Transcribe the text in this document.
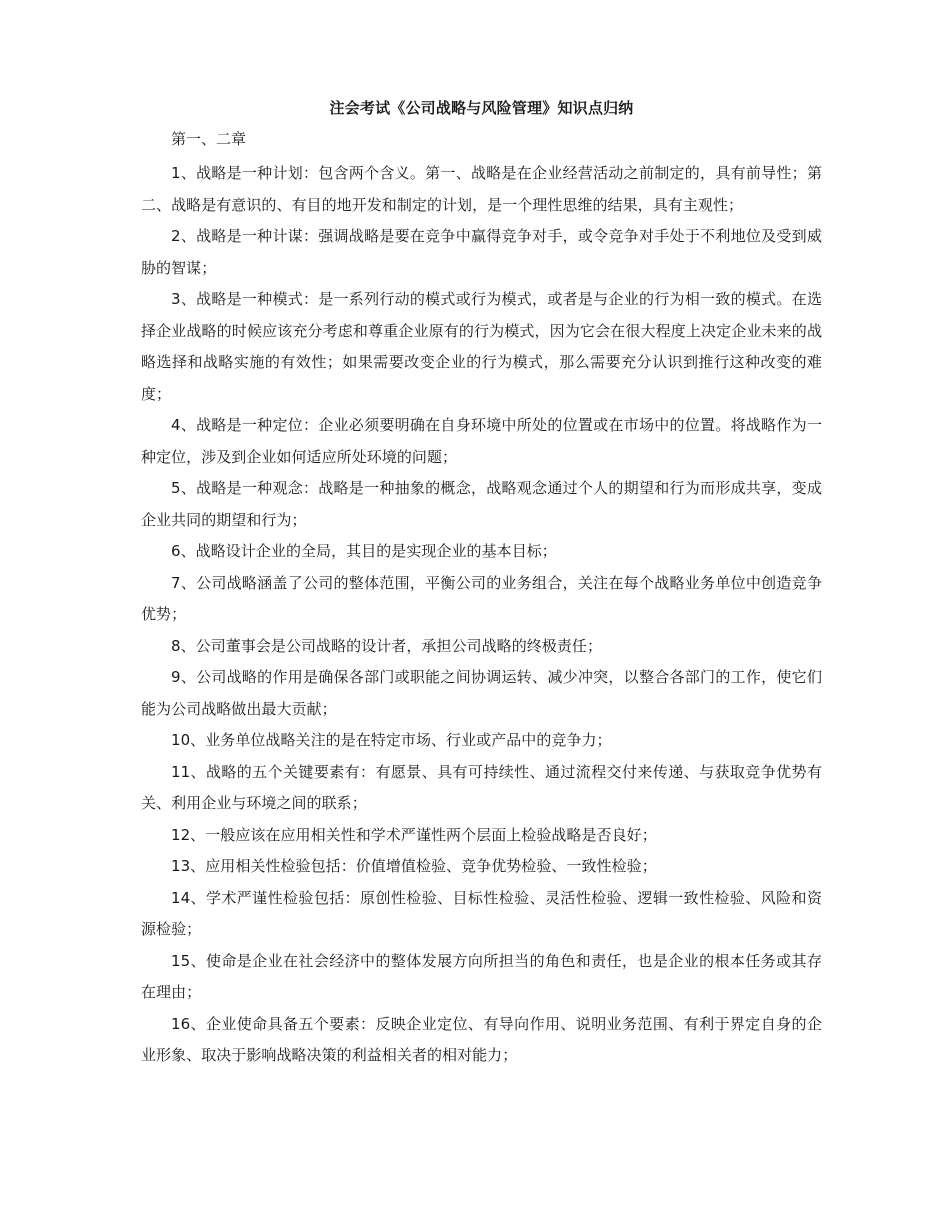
注会考试《公司战略与风险管理》知识点归纳
第一、二章

1、战略是一种计划：包含两个含义。第一、战略是在企业经营活动之前制定的，具有前导性；第二、战略是有意识的、有目的地开发和制定的计划，是一个理性思维的结果，具有主观性；

2、战略是一种计谋：强调战略是要在竞争中赢得竞争对手，或令竞争对手处于不利地位及受到威胁的智谋；

3、战略是一种模式：是一系列行动的模式或行为模式，或者是与企业的行为相一致的模式。在选择企业战略的时候应该充分考虑和尊重企业原有的行为模式，因为它会在很大程度上决定企业未来的战略选择和战略实施的有效性；如果需要改变企业的行为模式，那么需要充分认识到推行这种改变的难度；

4、战略是一种定位：企业必须要明确在自身环境中所处的位置或在市场中的位置。将战略作为一种定位，涉及到企业如何适应所处环境的问题；

5、战略是一种观念：战略是一种抽象的概念，战略观念通过个人的期望和行为而形成共享，变成企业共同的期望和行为；

6、战略设计企业的全局，其目的是实现企业的基本目标；

7、公司战略涵盖了公司的整体范围，平衡公司的业务组合，关注在每个战略业务单位中创造竞争优势；

8、公司董事会是公司战略的设计者，承担公司战略的终极责任；

9、公司战略的作用是确保各部门或职能之间协调运转、减少冲突，以整合各部门的工作，使它们能为公司战略做出最大贡献；

10、业务单位战略关注的是在特定市场、行业或产品中的竞争力；

11、战略的五个关键要素有：有愿景、具有可持续性、通过流程交付来传递、与获取竞争优势有关、利用企业与环境之间的联系；

12、一般应该在应用相关性和学术严谨性两个层面上检验战略是否良好；

13、应用相关性检验包括：价值增值检验、竞争优势检验、一致性检验；

14、学术严谨性检验包括：原创性检验、目标性检验、灵活性检验、逻辑一致性检验、风险和资源检验；

15、使命是企业在社会经济中的整体发展方向所担当的角色和责任，也是企业的根本任务或其存在理由；

16、企业使命具备五个要素：反映企业定位、有导向作用、说明业务范围、有利于界定自身的企业形象、取决于影响战略决策的利益相关者的相对能力；
